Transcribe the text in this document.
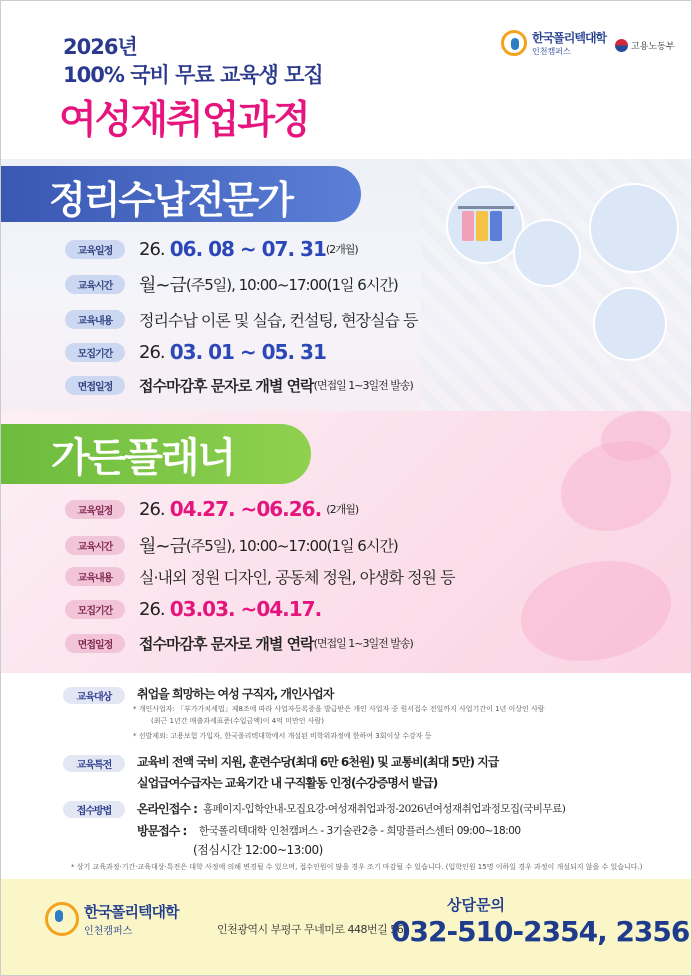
2026년
100% 국비 무료 교육생 모집
여성재취업과정
한국폴리텍대학
인천캠퍼스	고용노동부
정리수납전문가
교육일정	26.
06. 08 ~ 07. 31 (2개월)
교육시간	월~금 (주5일), 10:00~17:00(1일 6시간)
교육내용	정리수납 이론 및 실습, 컨설팅, 현장실습 등
모집기간	26.
03. 01 ~ 05. 31
면접일정	접수마감후 문자로 개별 연락 (면접일 1~3일전 발송)
가든플래너
교육일정	26.
04.27. ~06.26.
(2개월)
교육시간	월~금 (주5일), 10:00~17:00(1일 6시간)
교육내용	실·내외 정원 디자인, 공동체 정원, 야생화 정원 등
모집기간	26.
03.03. ~04.17.
면접일정	접수마감후 문자로 개별 연락 (면접일 1~3일전 발송)
교육대상	취업을 희망하는 여성 구직자, 개인사업자
* 개인사업자: 「부가가치세법」제8조에 따라 사업자등록증을 발급받은 개인 사업자 중 원서접수 전일까지 사업기간이 1년 이상인 사람
(최근 1년간 매출과세표준(수입금액)이 4억 미만인 사람)
* 선발제외: 고용보험 가입자, 한국폴리텍대학에서 개설된 비학위과정에 한하여 3회이상 수강자 등
교육특전	교육비 전액 국비 지원, 훈련수당(최대 6만 6천원) 및 교통비(최대 5만) 지급
실업급여수급자는 교육기간 내 구직활동 인정(수강증명서 발급)
접수방법	온라인접수 : 홈페이지-입학안내-모집요강-여성재취업과정-2026년여성재취업과정모집(국비무료)
방문접수 : 한국폴리텍대학 인천캠퍼스 - 3기술관2층 - 희망플러스센터 09:00~18:00
(점심시간 12:00~13:00)
* 상기 교육과정·기간·교육대상·특전은 대학 사정에 의해 변경될 수 있으며, 접수인원이 많을 경우 조기 마감될 수 있습니다. (입학인원 15명 이하일 경우 과정이 개설되지 않을 수 있습니다.)
한국폴리텍대학
인천캠퍼스	인천광역시 부평구 무네미로 448번길 56
상담문의
032-510-2354, 2356
